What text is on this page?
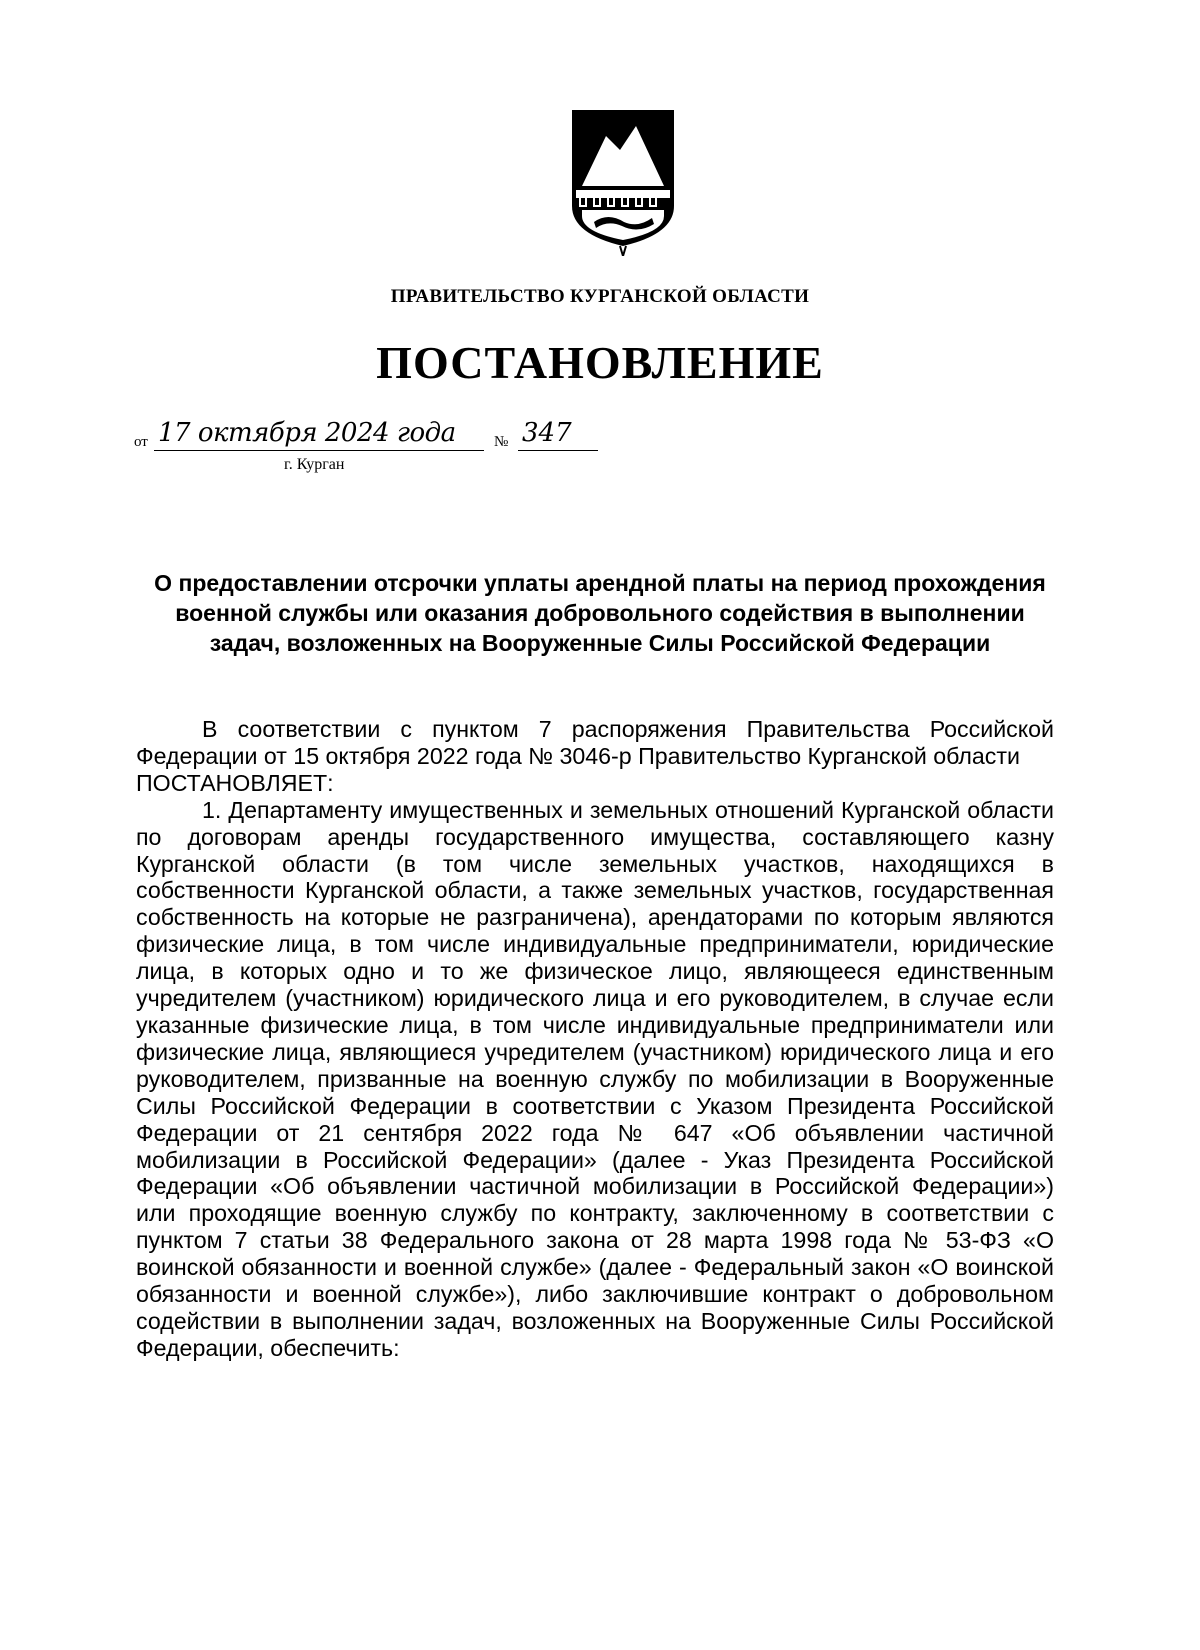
ПРАВИТЕЛЬСТВО КУРГАНСКОЙ ОБЛАСТИ
ПОСТАНОВЛЕНИЕ
от 17 октября 2024 года	№ 347
г. Курган
О предоставлении отсрочки уплаты арендной платы на период прохождения военной службы или оказания добровольного содействия в выполнении задач, возложенных на Вооруженные Силы Российской Федерации

В соответствии с пунктом 7 распоряжения Правительства Российской Федерации от 15 октября 2022 года № 3046-р Правительство Курганской области

ПОСТАНОВЛЯЕТ:

1. Департаменту имущественных и земельных отношений Курганской области по договорам аренды государственного имущества, составляющего казну Курганской области (в том числе земельных участков, находящихся в собственности Курганской области, а также земельных участков, государственная собственность на которые не разграничена), арендаторами по которым являются физические лица, в том числе индивидуальные предприниматели, юридические лица, в которых одно и то же физическое лицо, являющееся единственным учредителем (участником) юридического лица и его руководителем, в случае если указанные физические лица, в том числе индивидуальные предприниматели или физические лица, являющиеся учредителем (участником) юридического лица и его руководителем, призванные на военную службу по мобилизации в Вооруженные Силы Российской Федерации в соответствии с Указом Президента Российской Федерации от 21 сентября 2022 года № 647 «Об объявлении частичной мобилизации в Российской Федерации» (далее - Указ Президента Российской Федерации «Об объявлении частичной мобилизации в Российской Федерации») или проходящие военную службу по контракту, заключенному в соответствии с пунктом 7 статьи 38 Федерального закона от 28 марта 1998 года № 53-ФЗ «О воинской обязанности и военной службе» (далее - Федеральный закон «О воинской обязанности и военной службе»), либо заключившие контракт о добровольном содействии в выполнении задач, возложенных на Вооруженные Силы Российской Федерации, обеспечить:
